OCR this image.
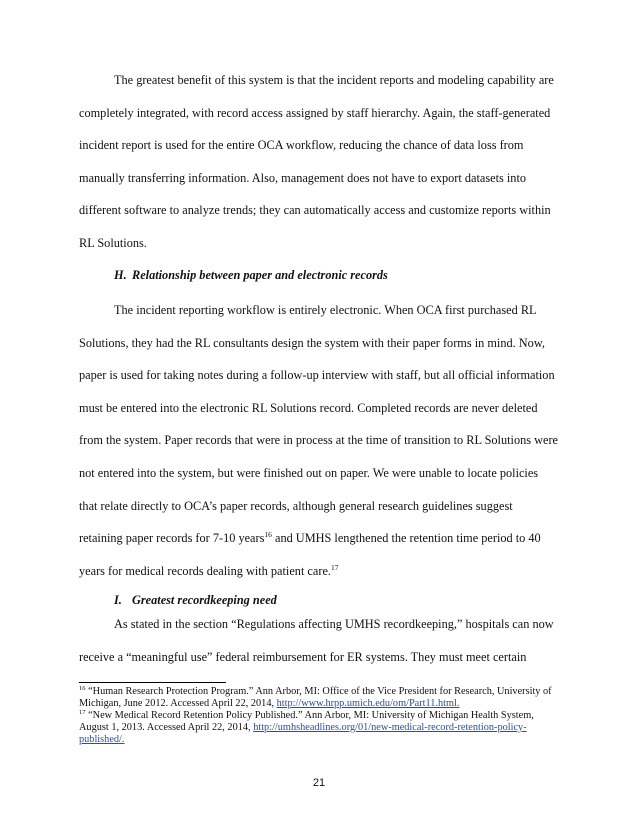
The greatest benefit of this system is that the incident reports and modeling capability are
completely integrated, with record access assigned by staff hierarchy. Again, the staff-generated
incident report is used for the entire OCA workflow, reducing the chance of data loss from
manually transferring information. Also, management does not have to export datasets into
different software to analyze trends; they can automatically access and customize reports within
RL Solutions.
H. Relationship between paper and electronic records
The incident reporting workflow is entirely electronic. When OCA first purchased RL
Solutions, they had the RL consultants design the system with their paper forms in mind. Now,
paper is used for taking notes during a follow-up interview with staff, but all official information
must be entered into the electronic RL Solutions record. Completed records are never deleted
from the system. Paper records that were in process at the time of transition to RL Solutions were
not entered into the system, but were finished out on paper. We were unable to locate policies
that relate directly to OCA’s paper records, although general research guidelines suggest
retaining paper records for 7-10 years$^{16}$ and UMHS lengthened the retention time period to 40
years for medical records dealing with patient care.$^{17}$
I. Greatest recordkeeping need
As stated in the section “Regulations affecting UMHS recordkeeping,” hospitals can now
receive a “meaningful use” federal reimbursement for ER systems. They must meet certain
$^{16}$ “Human Research Protection Program.” Ann Arbor, MI: Office of the Vice President for Research, University of
Michigan, June 2012. Accessed April 22, 2014, http://www.hrpp.umich.edu/om/Part11.html.
$^{17}$ “New Medical Record Retention Policy Published.” Ann Arbor, MI: University of Michigan Health System,
August 1, 2013. Accessed April 22, 2014, http://umhsheadlines.org/01/new-medical-record-retention-policy-
published/.
21
